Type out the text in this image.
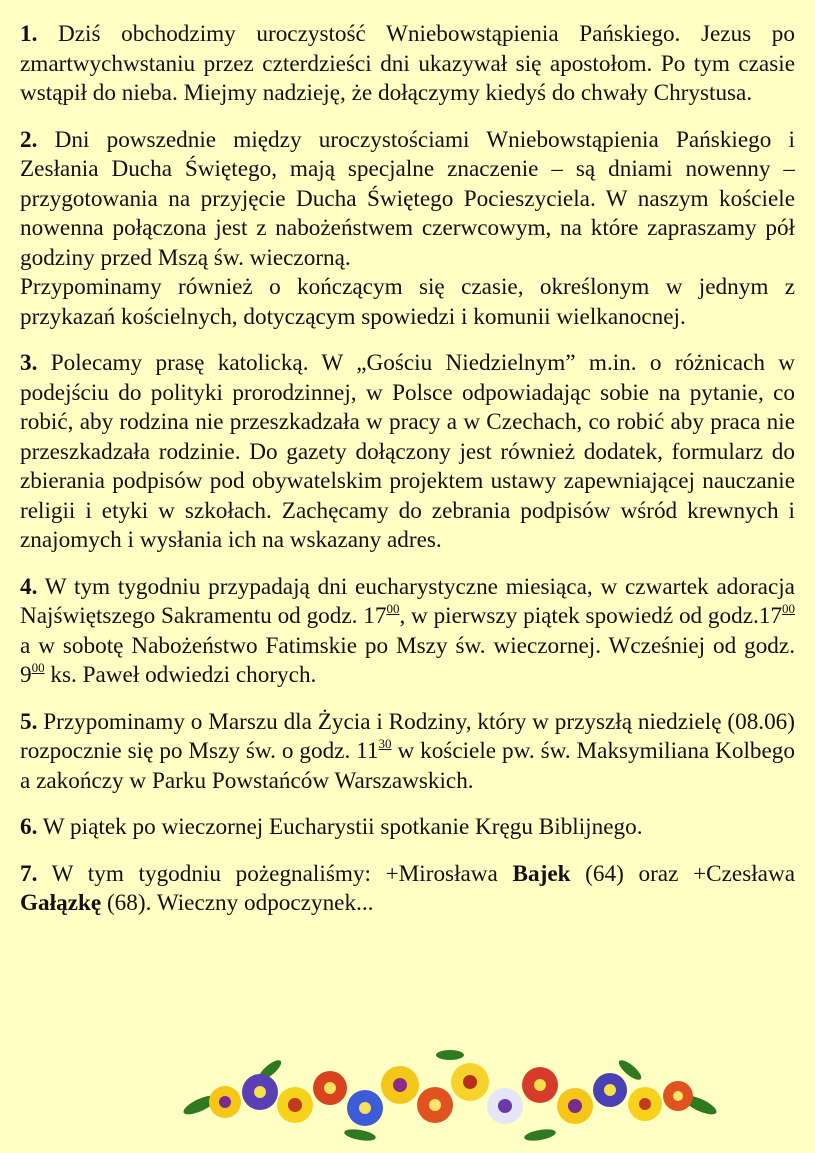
1. Dziś obchodzimy uroczystość Wniebowstąpienia Pańskiego. Jezus po zmartwychwstaniu przez czterdzieści dni ukazywał się apostołom. Po tym czasie wstąpił do nieba. Miejmy nadzieję, że dołączymy kiedyś do chwały Chrystusa.

2. Dni powszednie między uroczystościami Wniebowstąpienia Pańskiego i Zesłania Ducha Świętego, mają specjalne znaczenie – są dniami nowenny – przygotowania na przyjęcie Ducha Świętego Pocieszyciela. W naszym kościele nowenna połączona jest z nabożeństwem czerwcowym, na które zapraszamy pół godziny przed Mszą św. wieczorną.

Przypominamy również o kończącym się czasie, określonym w jednym z przykazań kościelnych, dotyczącym spowiedzi i komunii wielkanocnej.

3. Polecamy prasę katolicką. W „Gościu Niedzielnym” m.in. o różnicach w podejściu do polityki prorodzinnej, w Polsce odpowiadając sobie na pytanie, co robić, aby rodzina nie przeszkadzała w pracy a w Czechach, co robić aby praca nie przeszkadzała rodzinie. Do gazety dołączony jest również dodatek, formularz do zbierania podpisów pod obywatelskim projektem ustawy zapewniającej nauczanie religii i etyki w szkołach. Zachęcamy do zebrania podpisów wśród krewnych i znajomych i wysłania ich na wskazany adres.

4. W tym tygodniu przypadają dni eucharystyczne miesiąca, w czwartek adoracja Najświętszego Sakramentu od godz. $17^{00}$, w pierwszy piątek spowiedź od $godz.17^{00}$ a w sobotę Nabożeństwo Fatimskie po Mszy św. wieczornej. Wcześniej od godz. $9^{00}$ ks. Paweł odwiedzi chorych.

5. Przypominamy o Marszu dla Życia i Rodziny, który w przyszłą niedzielę (08.06) rozpocznie się po Mszy św. o godz. $11^{30}$ w kościele pw. św. Maksymiliana Kolbego a zakończy w Parku Powstańców Warszawskich.

6. W piątek po wieczornej Eucharystii spotkanie Kręgu Biblijnego.

7. W tym tygodniu pożegnaliśmy: +Mirosława Bajek (64) oraz +Czesława Gałązkę (68). Wieczny odpoczynek...
